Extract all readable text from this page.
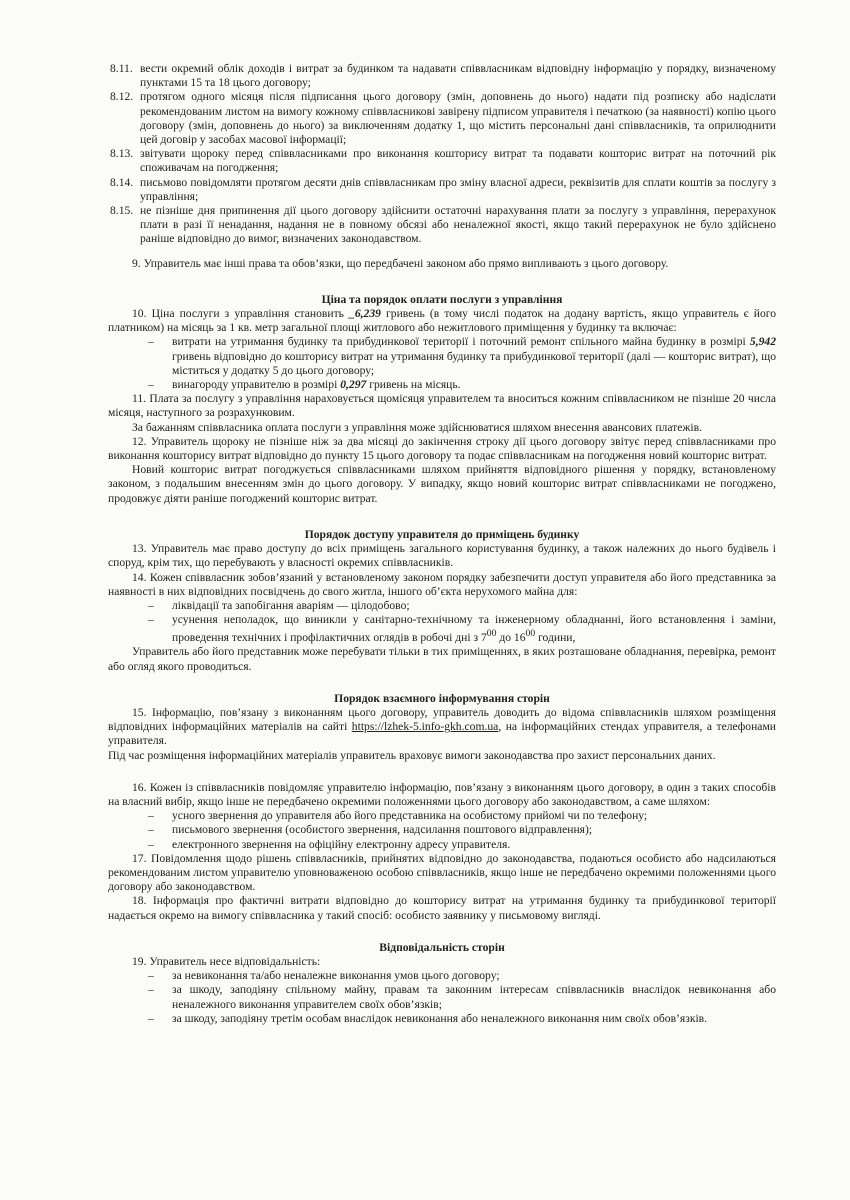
8.11. вести окремий облік доходів і витрат за будинком та надавати співвласникам відповідну інформацію у порядку, визначеному пунктами 15 та 18 цього договору;
8.12. протягом одного місяця після підписання цього договору (змін, доповнень до нього) надати під розписку або надіслати рекомендованим листом на вимогу кожному співвласникові завірену підписом управителя і печаткою (за наявності) копію цього договору (змін, доповнень до нього) за виключенням додатку 1, що містить персональні дані співвласників, та оприлюднити цей договір у засобах масової інформації;
8.13. звітувати щороку перед співвласниками про виконання кошторису витрат та подавати кошторис витрат на поточний рік споживачам на погодження;
8.14. письмово повідомляти протягом десяти днів співвласникам про зміну власної адреси, реквізитів для сплати коштів за послугу з управління;
8.15. не пізніше дня припинення дії цього договору здійснити остаточні нарахування плати за послугу з управління, перерахунок плати в разі її ненадання, надання не в повному обсязі або неналежної якості, якщо такий перерахунок не було здійснено раніше відповідно до вимог, визначених законодавством.

9. Управитель має інші права та обов’язки, що передбачені законом або прямо випливають з цього договору.

Ціна та порядок оплати послуги з управління

10. Ціна послуги з управління становить _6,239 гривень (в тому числі податок на додану вартість, якщо управитель є його платником) на місяць за 1 кв. метр загальної площі житлового або нежитлового приміщення у будинку та включає:

–	витрати на утримання будинку та прибудинкової території і поточний ремонт спільного майна будинку в розмірі 5,942 гривень відповідно до кошторису витрат на утримання будинку та прибудинкової території (далі — кошторис витрат), що міститься у додатку 5 до цього договору;
–	винагороду управителю в розмірі 0,297 гривень на місяць.

11. Плата за послугу з управління нараховується щомісяця управителем та вноситься кожним співвласником не пізніше 20 числа місяця, наступного за розрахунковим.

За бажанням співвласника оплата послуги з управління може здійснюватися шляхом внесення авансових платежів.

12. Управитель щороку не пізніше ніж за два місяці до закінчення строку дії цього договору звітує перед співвласниками про виконання кошторису витрат відповідно до пункту 15 цього договору та подає співвласникам на погодження новий кошторис витрат.

Новий кошторис витрат погоджується співвласниками шляхом прийняття відповідного рішення у порядку, встановленому законом, з подальшим внесенням змін до цього договору. У випадку, якщо новий кошторис витрат співвласниками не погоджено, продовжує діяти раніше погоджений кошторис витрат.

Порядок доступу управителя до приміщень будинку

13. Управитель має право доступу до всіх приміщень загального користування будинку, а також належних до нього будівель і споруд, крім тих, що перебувають у власності окремих співвласників.

14. Кожен співвласник зобов’язаний у встановленому законом порядку забезпечити доступ управителя або його представника за наявності в них відповідних посвідчень до свого житла, іншого об’єкта нерухомого майна для:

–	ліквідації та запобігання аваріям — цілодобово;
–	усунення неполадок, що виникли у санітарно-технічному та інженерному обладнанні, його встановлення і заміни, проведення технічних і профілактичних оглядів в робочі дні з $7^{00}$ до $16^{00}$ години,

Управитель або його представник може перебувати тільки в тих приміщеннях, в яких розташоване обладнання, перевірка, ремонт або огляд якого проводиться.

Порядок взаємного інформування сторін

15. Інформацію, пов’язану з виконанням цього договору, управитель доводить до відома співвласників шляхом розміщення відповідних інформаційних матеріалів на сайті https://lzhek-5.info-gkh.com.ua, на інформаційних стендах управителя, а телефонами управителя.

Під час розміщення інформаційних матеріалів управитель враховує вимоги законодавства про захист персональних даних.

16. Кожен із співвласників повідомляє управителю інформацію, пов’язану з виконанням цього договору, в один з таких способів на власний вибір, якщо інше не передбачено окремими положеннями цього договору або законодавством, а саме шляхом:

–	усного звернення до управителя або його представника на особистому прийомі чи по телефону;
–	письмового звернення (особистого звернення, надсилання поштового відправлення);
–	електронного звернення на офіційну електронну адресу управителя.

17. Повідомлення щодо рішень співвласників, прийнятих відповідно до законодавства, подаються особисто або надсилаються рекомендованим листом управителю уповноваженою особою співвласників, якщо інше не передбачено окремими положеннями цього договору або законодавством.

18. Інформація про фактичні витрати відповідно до кошторису витрат на утримання будинку та прибудинкової території надається окремо на вимогу співвласника у такий спосіб: особисто заявнику у письмовому вигляді.

Відповідальність сторін

19. Управитель несе відповідальність:

–	за невиконання та/або неналежне виконання умов цього договору;
–	за шкоду, заподіяну спільному майну, правам та законним інтересам співвласників внаслідок невиконання або неналежного виконання управителем своїх обов’язків;
–	за шкоду, заподіяну третім особам внаслідок невиконання або неналежного виконання ним своїх обов’язків.
